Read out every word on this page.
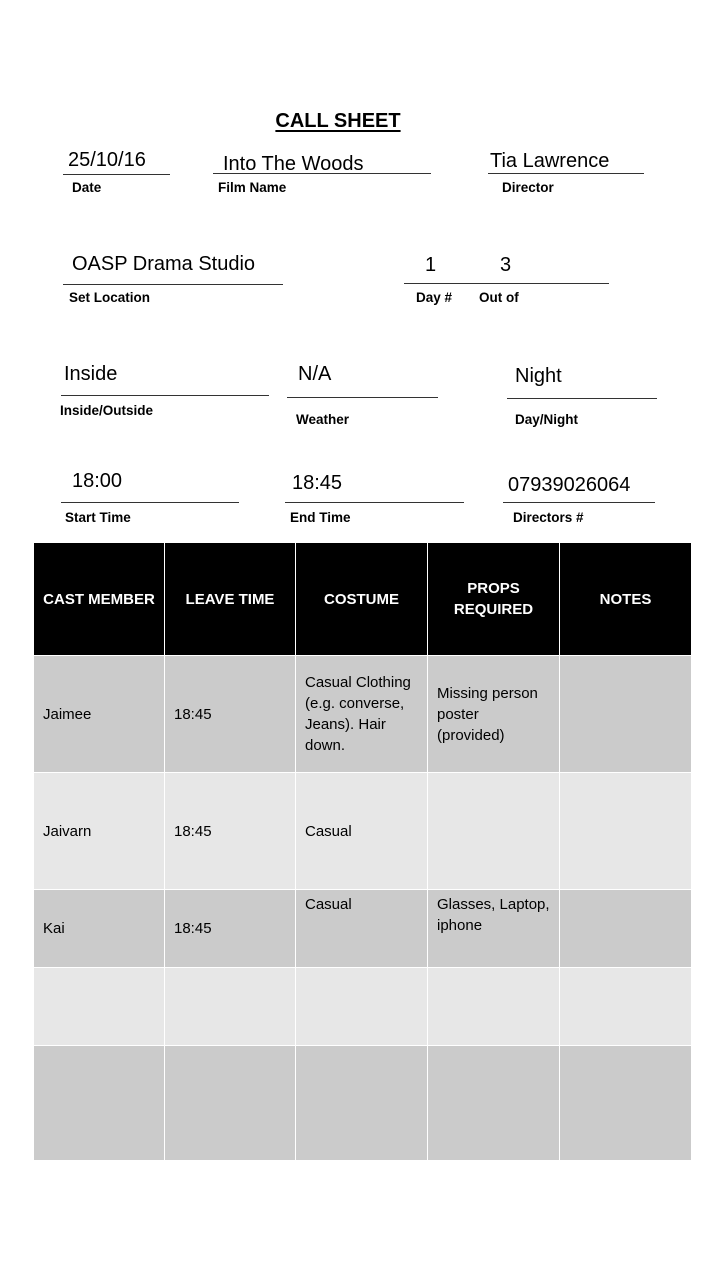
CALL SHEET
25/10/16
Date
Into The Woods
Film Name
Tia Lawrence
Director
OASP Drama Studio
Set Location
1	3
Day # Out of
Inside
Inside/Outside
N/A
Weather
Night
Day/Night
18:00
Start Time
18:45
End Time
07939026064
Directors #
CAST MEMBER	LEAVE TIME	COSTUME	PROPS REQUIRED	NOTES
Jaimee	18:45	Casual Clothing (e.g. converse, Jeans). Hair down.	Missing person poster (provided)	
Jaivarn	18:45	Casual		
Kai	18:45	Casual	Glasses, Laptop, iphone	
